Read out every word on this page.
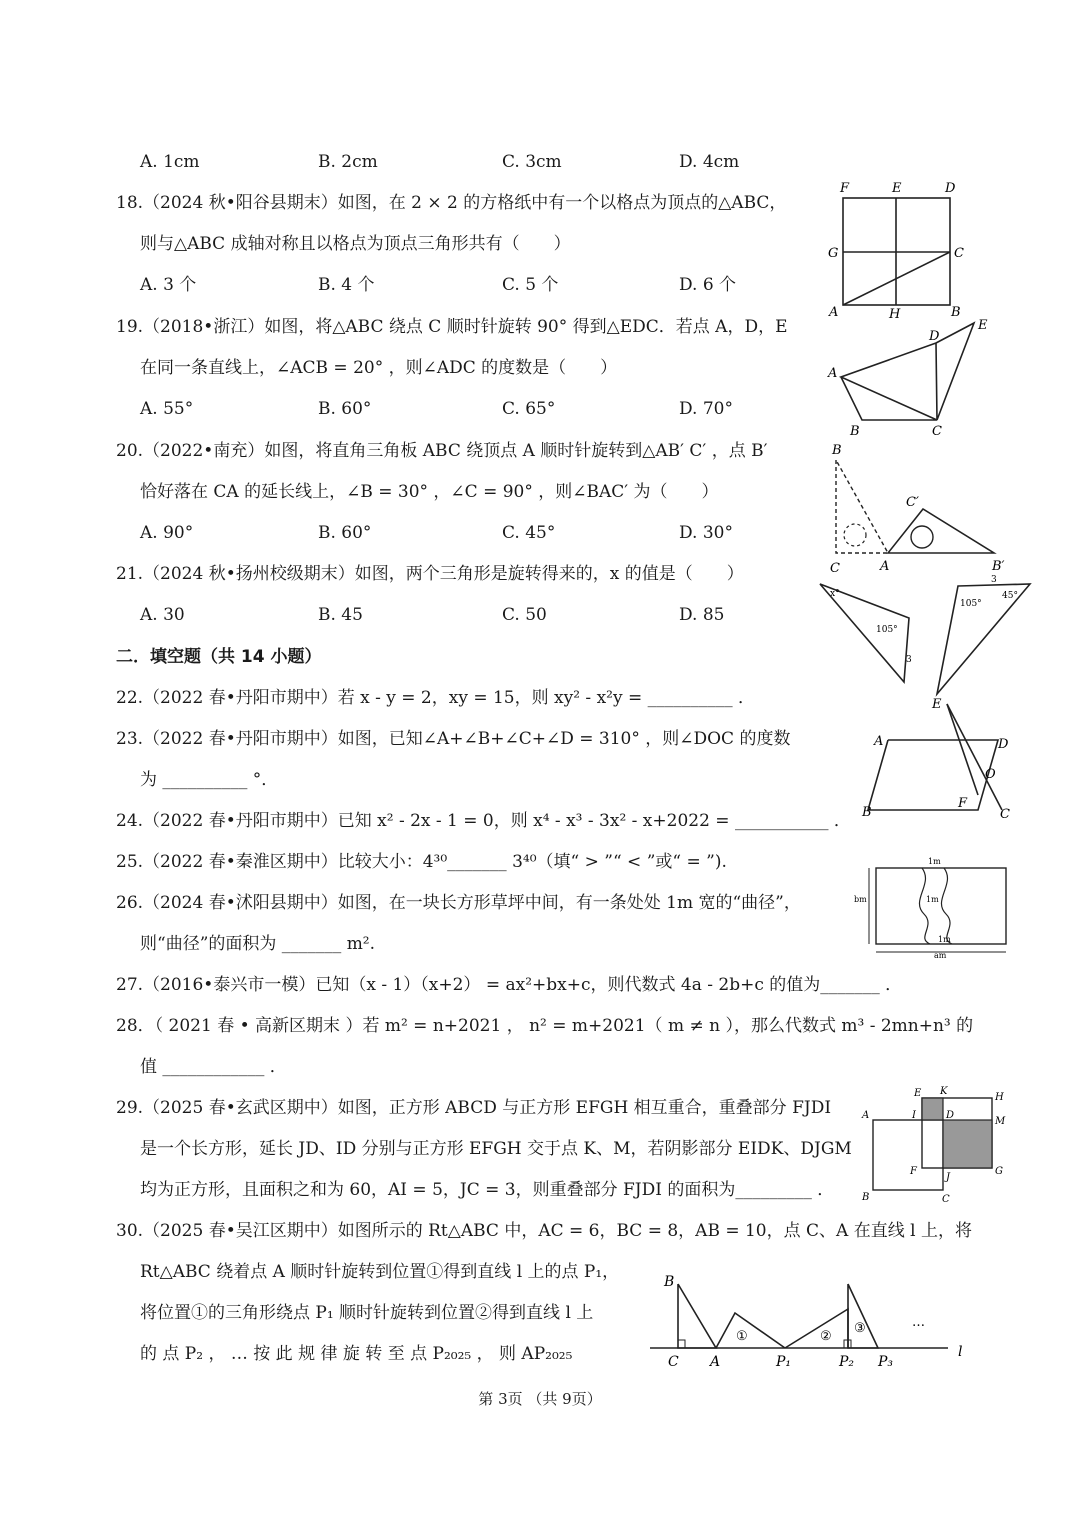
A. 1cm	B. 2cm	C. 3cm	D. 4cm
18.（2024 秋•阳谷县期末）如图，在 2 × 2 的方格纸中有一个以格点为顶点的△ABC，
则与△ABC 成轴对称且以格点为顶点三角形共有（　　）
A. 3 个	B. 4 个	C. 5 个	D. 6 个
F	E	D
G	C
A	H	B
19.（2018•浙江）如图，将△ABC 绕点 C 顺时针旋转 90° 得到△EDC．若点 A，D，E
在同一条直线上，∠ACB = 20° ，则∠ADC 的度数是（　　）
A. 55°	B. 60°	C. 65°	D. 70°
D
E
A
B	C
20.（2022•南充）如图，将直角三角板 ABC 绕顶点 A 顺时针旋转到△AB′ C′ ，点 B′
恰好落在 CA 的延长线上，∠B = 30° ，∠C = 90° ，则∠BAC′ 为（　　）
A. 90°	B. 60°	C. 45°	D. 30°
B
C′
C	A	B′
21.（2024 秋•扬州校级期末）如图，两个三角形是旋转得来的，x 的值是（　　）
A. 30	B. 45	C. 50	D. 85
x°
105°
3
3
105°
45°
E
二．填空题（共 14 小题）
22.（2022 春•丹阳市期中）若 x - y = 2，xy = 15，则 xy² - x²y = __________ ．
23.（2022 春•丹阳市期中）如图，已知∠A+∠B+∠C+∠D = 310° ，则∠DOC 的度数
为 __________ °．
A	D
O
F
B	C
24.（2022 春•丹阳市期中）已知 x² - 2x - 1 = 0，则 x⁴ - x³ - 3x² - x+2022 = ___________ ．
25.（2022 春•秦淮区期中）比较大小：4³⁰_______ 3⁴⁰（填“ > ”“ < ”或“ = ”).
26.（2024 春•沭阳县期中）如图，在一块长方形草坪中间，有一条处处 1m 宽的“曲径”，
则“曲径”的面积为 _______ m².
1m
bm	1m
1m
am
27.（2016•泰兴市一模）已知（x - 1）（x+2） = ax²+bx+c，则代数式 4a - 2b+c 的值为_______ ．
28．（ 2021 春 • 高新区期末 ）若 m² = n+2021 ， n² = m+2021（ m ≠ n ），那么代数式 m³ - 2mn+n³ 的
值 ____________ ．
29.（2025 春•玄武区期中）如图，正方形 ABCD 与正方形 EFGH 相互重合，重叠部分 FJDI
是一个长方形，延长 JD、ID 分别与正方形 EFGH 交于点 K、M，若阴影部分 EIDK、DJGM
均为正方形，且面积之和为 60，AI = 5，JC = 3，则重叠部分 FJDI 的面积为_________ ．
E K
H
A	I	D
M
F
J
G
B	C
30.（2025 春•吴江区期中）如图所示的 Rt△ABC 中，AC = 6，BC = 8，AB = 10，点 C、A 在直线 l 上，将
Rt△ABC 绕着点 A 顺时针旋转到位置①得到直线 l 上的点 P₁，
将位置①的三角形绕点 P₁ 顺时针旋转到位置②得到直线 l 上
的 点 P₂ ， … 按 此 规 律 旋 转 至 点 P₂₀₂₅ ， 则 AP₂₀₂₅
B
①	②
③	…
C A	P₁	P₂ P₃
l
第 3页 （共 9页）
